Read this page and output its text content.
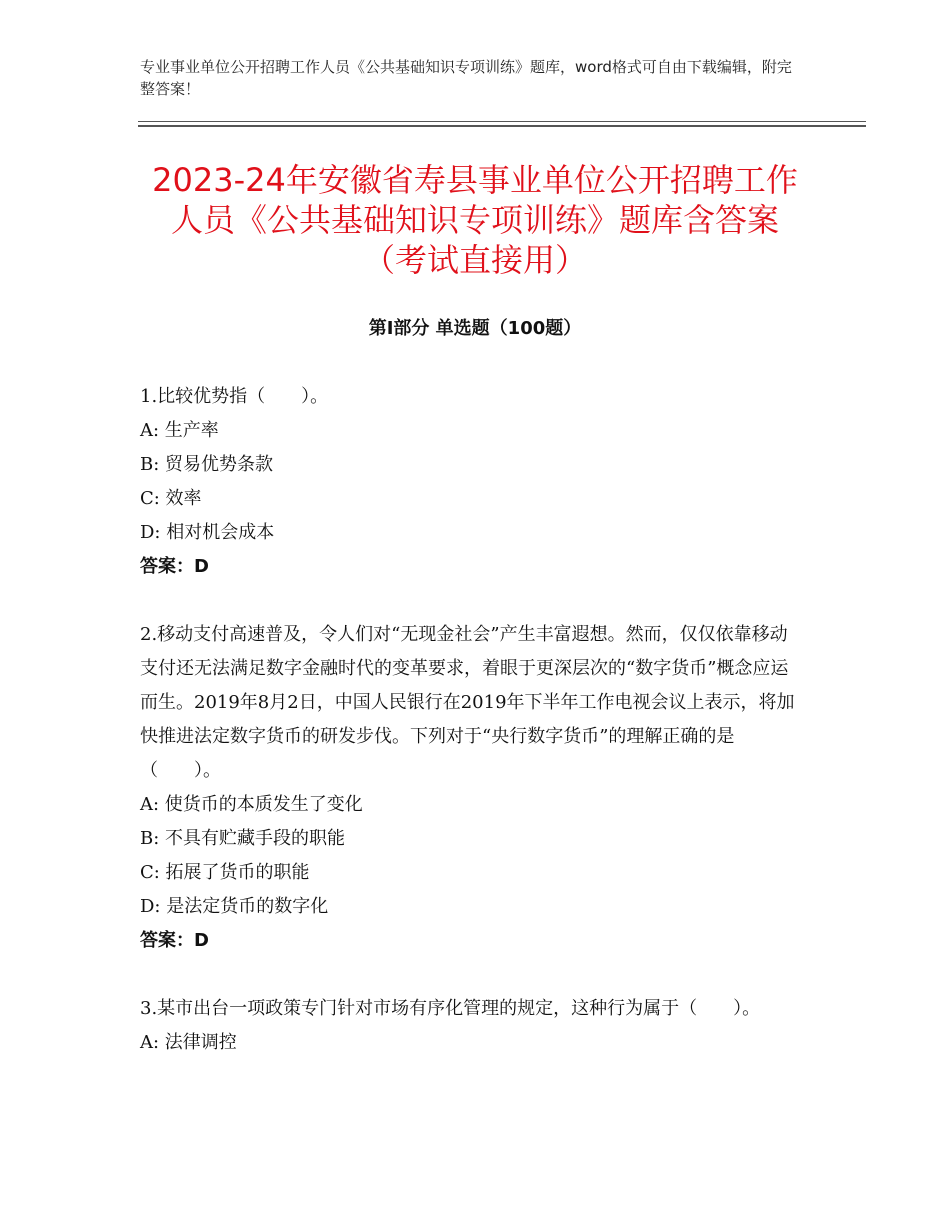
专业事业单位公开招聘工作人员《公共基础知识专项训练》题库，word格式可自由下载编辑，附完整答案！
2023-24年安徽省寿县事业单位公开招聘工作人员《公共基础知识专项训练》题库含答案（考试直接用）
第Ⅰ部分 单选题（100题）

1.比较优势指（　　）。

A: 生产率

B: 贸易优势条款

C: 效率

D: 相对机会成本

答案：D

2.移动支付高速普及，令人们对“无现金社会”产生丰富遐想。然而，仅仅依靠移动支付还无法满足数字金融时代的变革要求，着眼于更深层次的“数字货币”概念应运而生。2019年8月2日，中国人民银行在2019年下半年工作电视会议上表示，将加快推进法定数字货币的研发步伐。下列对于“央行数字货币”的理解正确的是（　　）。

A: 使货币的本质发生了变化

B: 不具有贮藏手段的职能

C: 拓展了货币的职能

D: 是法定货币的数字化

答案：D

3.某市出台一项政策专门针对市场有序化管理的规定，这种行为属于（　　）。

A: 法律调控
